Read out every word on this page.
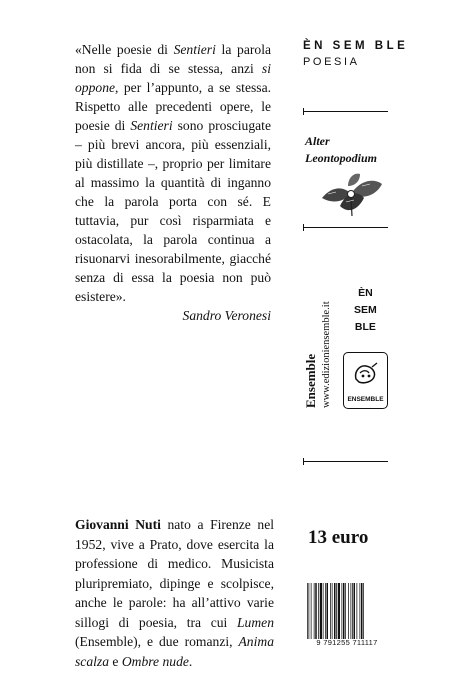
«Nelle poesie di Sentieri la parola non si fida di se stessa, anzi si oppone, per l’appunto, a se stessa. Rispetto alle precedenti opere, le poesie di Sentieri sono prosciugate – più brevi ancora, più essenziali, più distillate –, proprio per limitare al massimo la quantità di inganno che la parola porta con sé. E tuttavia, pur così risparmiata e ostacolata, la parola continua a risuonarvi inesorabilmente, giacché senza di essa la poesia non può esistere».
Sandro Veronesi
ÈN SEM BLE
POESIA
Alter
Leontopodium
ÈN
SEM
BLE
Ensemble www.edizioniensemble.it	ENSEMBLE
Giovanni Nuti nato a Firenze nel 1952, vive a Prato, dove esercita la professione di medico. Musicista pluripremiato, dipinge e scolpisce, anche le parole: ha all’attivo varie sillogi di poesia, tra cui Lumen (Ensemble), e due romanzi, Anima scalza e Ombre nude.
13 euro
9 791255 711117
